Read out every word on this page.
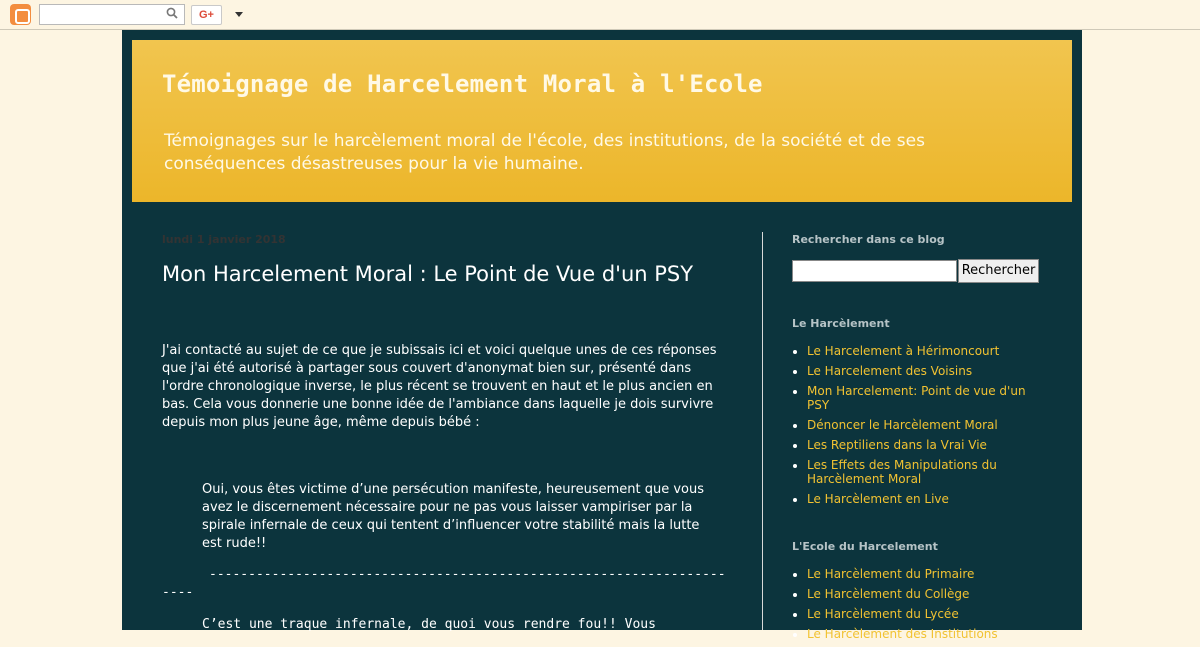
G+
Témoignage de Harcelement Moral à l'Ecole
Témoignages sur le harcèlement moral de l'école, des institutions, de la société et de ses conséquences désastreuses pour la vie humaine.
lundi 1 janvier 2018
Mon Harcelement Moral : Le Point de Vue d'un PSY
J'ai contacté au sujet de ce que je subissais ici et voici quelque unes de ces réponses que j'ai été autorisé à partager sous couvert d'anonymat bien sur, présenté dans l'ordre chronologique inverse, le plus récent se trouvent en haut et le plus ancien en bas. Cela vous donnerie une bonne idée de l'ambiance dans laquelle je dois survivre depuis mon plus jeune âge, même depuis bébé :
Oui, vous êtes victime d’une persécution manifeste, heureusement que vous avez le discernement nécessaire pour ne pas vous laisser vampiriser par la spirale infernale de ceux qui tentent d’influencer votre stabilité mais la lutte est rude!!
----------------------------------------------------------------------
C’est une traque infernale, de quoi vous rendre fou!! Vous
Rechercher dans ce blog
Rechercher
Le Harcèlement
• Le Harcelement à Hérimoncourt
• Le Harcelement des Voisins
• Mon Harcelement: Point de vue d'un PSY
• Dénoncer le Harcèlement Moral
• Les Reptiliens dans la Vrai Vie
• Les Effets des Manipulations du Harcèlement Moral
• Le Harcèlement en Live
L'Ecole du Harcelement
• Le Harcèlement du Primaire
• Le Harcèlement du Collège
• Le Harcèlement du Lycée
• Le Harcèlement des Institutions
